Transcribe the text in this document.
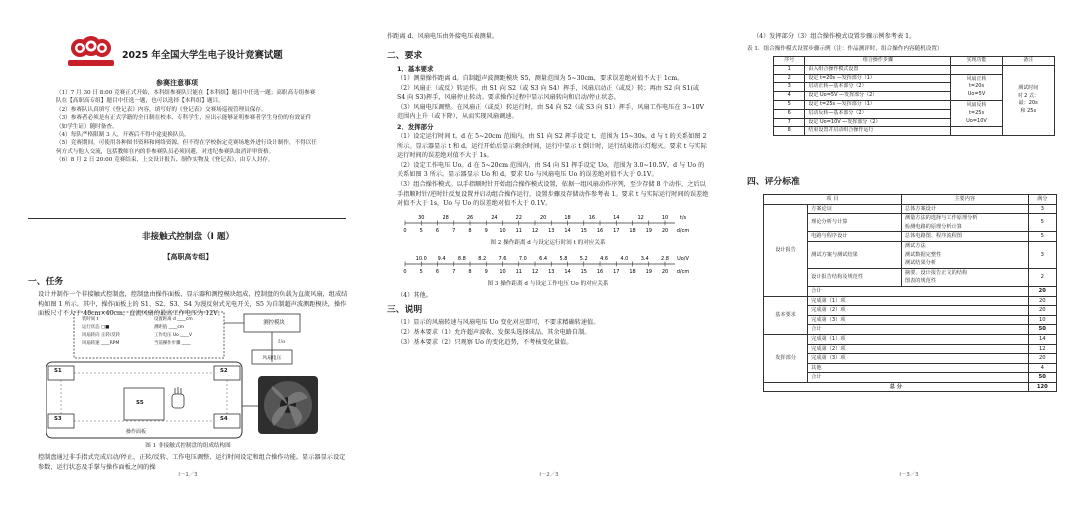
2025 年全国大学生电子设计竞赛试题
参赛注意事项
（1）7 月 30 日 8:00 竞赛正式开始，本科组参赛队只能在【本科组】题目中任选一题；高职高专组参赛队在【高职高专组】题目中任选一题，也可以选择【本科组】题目。
（2）参赛队认真填写《登记表》内容，填写好的《登记表》交赛场巡视管理员保存。
（3）参赛者必须是有正式学籍的全日制在校本、专科学生，应出示能够证明参赛者学生身份的有效证件（如学生证）随时备查。
（4）每队严格限制 3 人，开赛后不得中途更换队员。
（5）竞赛期间，可使用各种图书资料和网络资源，但不得在学校指定竞赛场地外进行设计制作，不得以任何方式与他人交流，包括教师在内的非参赛队员必须回避，对违纪参赛队取消评审资格。
（6）8 月 2 日 20:00 竞赛结束，上交设计报告、制作实物及《登记表》，由专人封存。
非接触式控制盘（I 题）
【高职高专组】
一、任务

设计并制作一个非接触式控制盘，控制盘由操作面板、显示器和测控模块组成，控制盘的负载为直流风扇，组成结构如图 1 所示。其中，操作面板上的 S1、S2、S3、S4 为漫反射式光电开关，S5 为自制超声波测距模块，操作面板尺寸不大于 40cm×40cm，直流风扇的最高工作电压为 12V。

装时间 t	设置距离 d ____cm
运行状态 □■	测距值 ____cm
风扇转向 正转/反转	工作电压 Uo ____V
风扇转速 ____RPM	当前操作步骤 ____
测控模块
Uo
风扇电压
S1	S2
S3	S4
S5
操作面板
图 1 非接触式控制盘的组成结构图

控制盘通过非手指式完成启动/停止、正转/反转、工作电压调整、运行时间设定和组合操作功能。显示器显示设定参数、运行状态及手掌与操作面板之间的操

I－1／3
作距离 d、风扇电压由外接电压表测量。
二、要求
1．基本要求

（1）测量操作距离 d。自制超声波测距模块 S5，测量范围为 5~30cm，要求误差绝对值不大于 1cm。

（2）风扇正（或反）转运作。由 S1 向 S2（或 S3 向 S4）挥手，风扇启动正（或反）转；再由 S2 向 S1(或 S4 向 S3)挥手，风扇停止转动。要求操作过程中显示风扇转向和启动/停止状态。

（3）风扇电压调整。在风扇正（或反）转运行时，由 S4 向 S2（或 S3 向 S1）挥手，风扇工作电压在 3~10V 范围内上升（或下降），从而实现风扇调速。

2．发挥部分

（1）设定运行时间 t。d 在 5~20cm 范围内，由 S1 向 S2 挥手设定 t，范围为 15~30s。d 与 t 的关系如图 2 所示。显示器显示 t 和 d。运行开始后显示剩余时间，运行中显示 t 倒计时，运行结束指示灯熄灭。要求 t 与实际运行时间的误差绝对值不大于 1s。

（2）设定工作电压 Uo。d 在 5~20cm 范围内，由 S4 向 S1 挥手设定 Uo，范围为 3.0~10.5V。d 与 Uo 的关系如图 3 所示。显示器显示 Uo 和 d。要求 Uo 与风扇电压 Uo 的误差绝对值不大于 0.1V。

（3）组合操作模式。以手指顺时针开始组合操作模式设置，依据一组风扇动作序列，至少存储 8 个动作，之后以手指顺时针/逆时针反复设置并启动组合操作运行，设置步骤及存储动作参考表 1。要求 t 与实际运行时间的误差绝对值不大于 1s，Uo 与 Uo 的误差绝对值不大于 0.1V。

0	5	6	7	8	9 10 11 12 13 14 15 16 17 18 19 20 d/cm
30	28	26	24	22	20	18	16	14	12	10 t/s
图 2 操作距离 d 与设定运行时间 t 的对应关系
0	5	6	7	8	9 10 11 12 13 14 15 16 17 18 19 20 d/cm
10.0 9.4 8.8 8.2 7.6 7.0 6.4 5.8 5.2 4.6 4.0 3.4 2.8 Uo/V
图 3 操作距离 d 与设定工作电压 Uo 的对应关系

（4）其他。

三、说明

（1）显示的风扇转速与风扇电压 Uo 变化对应即可，不要求精确转速值。

（2）基本要求（1）允许超声波收、发探头选择成品，其余电路自制。

（3）基本要求（2）只观察 Uo 的变化趋势，不考核变化量值。

I－2／3
（4）发挥部分（3）组合操作模式设置步骤示例参考表 1。
表 1．组合操作模式设置步骤示例（注：作品测评时，组合操作内容随机设置）
序号	组合操作步骤	实现功能	备注
1	由入组合操作模式设置		测试时间
对 2 式：
最：20s
和 25s

2	设定 t=20s —发挥部分（1）	风扇正转
t=20s
Uo=5V	

3	启动正转—基本部分（2）		
4	设定 Uo=5V —发挥部分（2）		
5	设定 t=25s —发挥部分（1）	风扇反转
t=25s
Uo=10V	

6	启动反转—基本部分（2）		
7	设定 Uo=10V —发挥部分（2）		
8	结束设置并启动组合操作运行		
四、评分标准
项 目		主要内容	满分
设计报告	方案论证	总体方案设计	3
	理论分析与计算	测量方法的选择与工作原理分析
检测电路的原理分析计算	5
	电路与程序设计	总体电路图、程序流程图	5
	测试方案与测试结果	测试方法
测试数据完整性
测试结果分析	3
	设计报告结构及规范性	摘要、设计报告正文的结构
图表的规范性	2
	合计		20
基本要求	完成第（1）项		20
	完成第（2）项		20
	完成第（3）项		10
	合计		50
发挥部分	完成第（1）项		14
	完成第（2）项		12
	完成第（3）项		20
	其他		4
	合计		50
总 分			120
I－3／3
